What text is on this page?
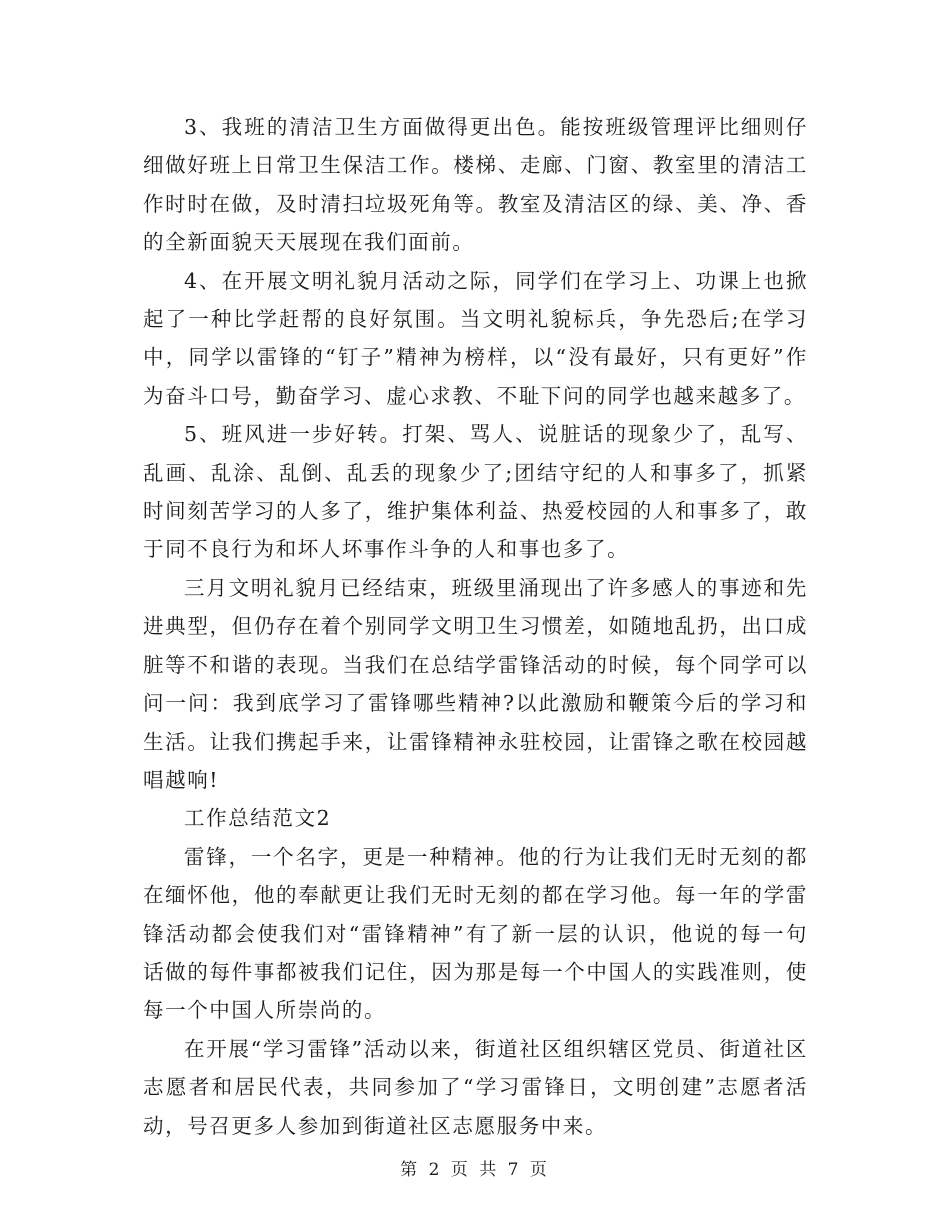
3、我班的清洁卫生方面做得更出色。能按班级管理评比细则仔细做好班上日常卫生保洁工作。楼梯、走廊、门窗、教室里的清洁工作时时在做，及时清扫垃圾死角等。教室及清洁区的绿、美、净、香的全新面貌天天展现在我们面前。

4、在开展文明礼貌月活动之际，同学们在学习上、功课上也掀起了一种比学赶帮的良好氛围。当文明礼貌标兵，争先恐后;在学习中，同学以雷锋的“钉子”精神为榜样，以“没有最好，只有更好”作为奋斗口号，勤奋学习、虚心求教、不耻下问的同学也越来越多了。

5、班风进一步好转。打架、骂人、说脏话的现象少了，乱写、乱画、乱涂、乱倒、乱丢的现象少了;团结守纪的人和事多了，抓紧时间刻苦学习的人多了，维护集体利益、热爱校园的人和事多了，敢于同不良行为和坏人坏事作斗争的人和事也多了。

三月文明礼貌月已经结束，班级里涌现出了许多感人的事迹和先进典型，但仍存在着个别同学文明卫生习惯差，如随地乱扔，出口成脏等不和谐的表现。当我们在总结学雷锋活动的时候，每个同学可以问一问：我到底学习了雷锋哪些精神?以此激励和鞭策今后的学习和生活。让我们携起手来，让雷锋精神永驻校园，让雷锋之歌在校园越唱越响!

工作总结范文2

雷锋，一个名字，更是一种精神。他的行为让我们无时无刻的都在缅怀他，他的奉献更让我们无时无刻的都在学习他。每一年的学雷锋活动都会使我们对“雷锋精神”有了新一层的认识，他说的每一句话做的每件事都被我们记住，因为那是每一个中国人的实践准则，使每一个中国人所崇尚的。

在开展“学习雷锋”活动以来，街道社区组织辖区党员、街道社区志愿者和居民代表，共同参加了“学习雷锋日，文明创建”志愿者活动，号召更多人参加到街道社区志愿服务中来。

第 2 页 共 7 页
